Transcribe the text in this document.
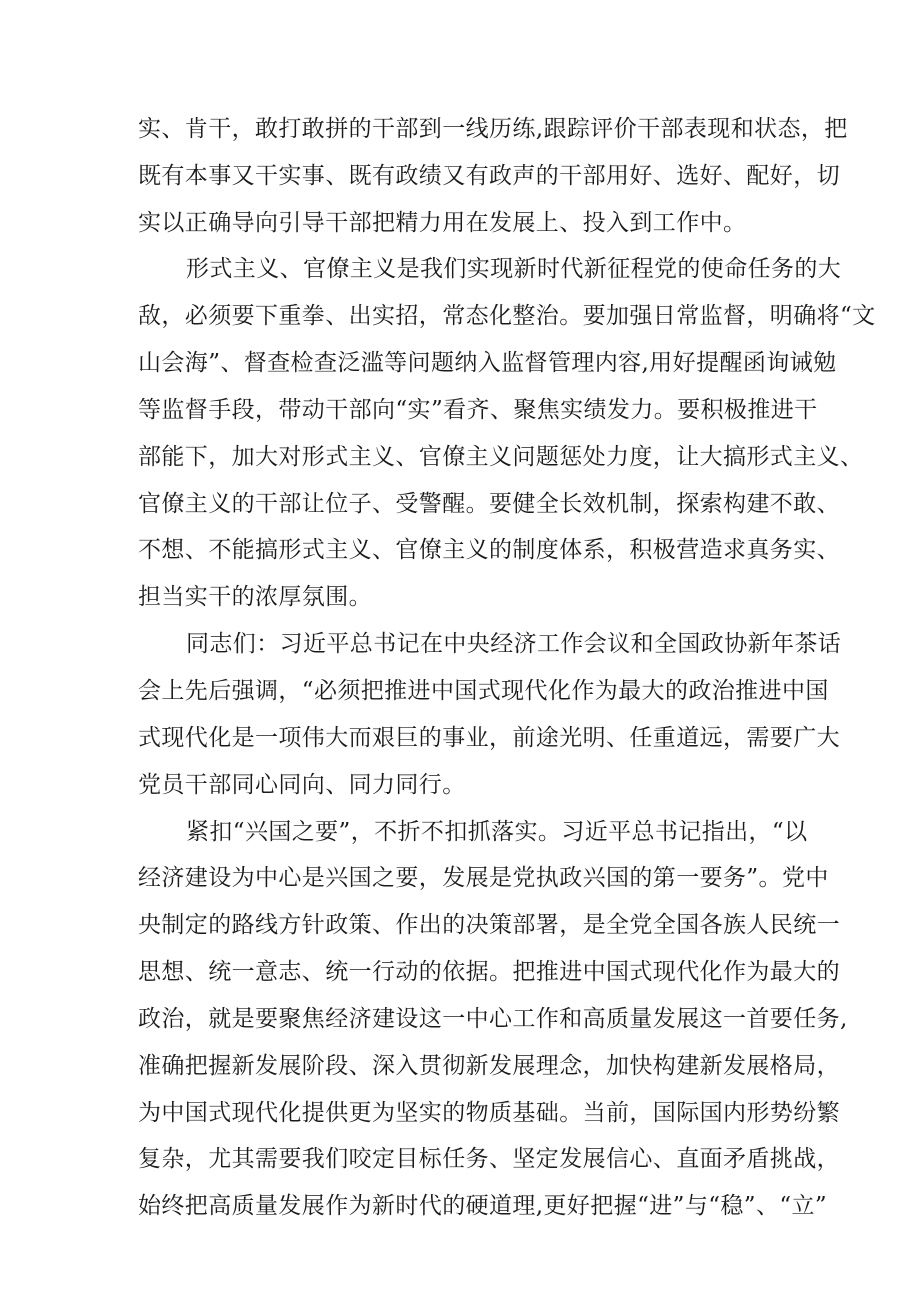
实、肯干，敢打敢拼的干部到一线历练,跟踪评价干部表现和状态，把
既有本事又干实事、既有政绩又有政声的干部用好、选好、配好，切
实以正确导向引导干部把精力用在发展上、投入到工作中。
形式主义、官僚主义是我们实现新时代新征程党的使命任务的大
敌，必须要下重拳、出实招，常态化整治。要加强日常监督，明确将“文
山会海”、督查检查泛滥等问题纳入监督管理内容,用好提醒函询诫勉
等监督手段，带动干部向“实”看齐、聚焦实绩发力。要积极推进干
部能下，加大对形式主义、官僚主义问题惩处力度，让大搞形式主义、
官僚主义的干部让位子、受警醒。要健全长效机制，探索构建不敢、
不想、不能搞形式主义、官僚主义的制度体系，积极营造求真务实、
担当实干的浓厚氛围。
同志们：习近平总书记在中央经济工作会议和全国政协新年茶话
会上先后强调，“必须把推进中国式现代化作为最大的政治推进中国
式现代化是一项伟大而艰巨的事业，前途光明、任重道远，需要广大
党员干部同心同向、同力同行。
紧扣“兴国之要”，不折不扣抓落实。习近平总书记指出，“以
经济建设为中心是兴国之要，发展是党执政兴国的第一要务”。党中
央制定的路线方针政策、作出的决策部署，是全党全国各族人民统一
思想、统一意志、统一行动的依据。把推进中国式现代化作为最大的
政治，就是要聚焦经济建设这一中心工作和高质量发展这一首要任务,
准确把握新发展阶段、深入贯彻新发展理念，加快构建新发展格局，
为中国式现代化提供更为坚实的物质基础。当前，国际国内形势纷繁
复杂，尤其需要我们咬定目标任务、坚定发展信心、直面矛盾挑战，
始终把高质量发展作为新时代的硬道理,更好把握“进”与“稳”、“立”
